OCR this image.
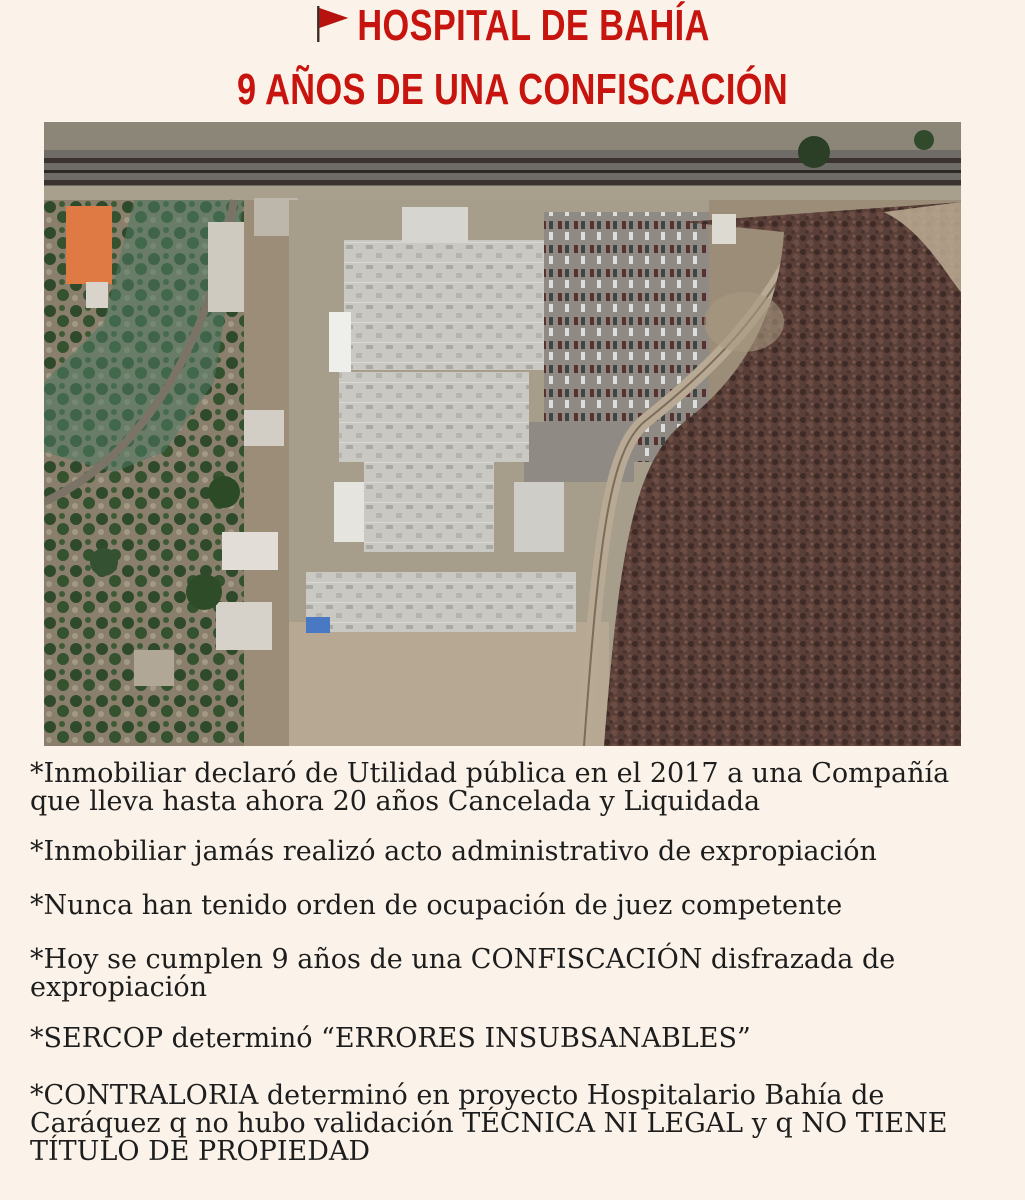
HOSPITAL DE BAHÍA
9 AÑOS DE UNA CONFISCACIÓN

*Inmobiliar declaró de Utilidad pública en el 2017 a una Compañía que lleva hasta ahora 20 años Cancelada y Liquidada

*Inmobiliar jamás realizó acto administrativo de expropiación

*Nunca han tenido orden de ocupación de juez competente

*Hoy se cumplen 9 años de una CONFISCACIÓN disfrazada de expropiación

*SERCOP determinó “ERRORES INSUBSANABLES”

*CONTRALORIA determinó en proyecto Hospitalario Bahía de Caráquez q no hubo validación TÉCNICA NI LEGAL y q NO TIENE TÍTULO DE PROPIEDAD
